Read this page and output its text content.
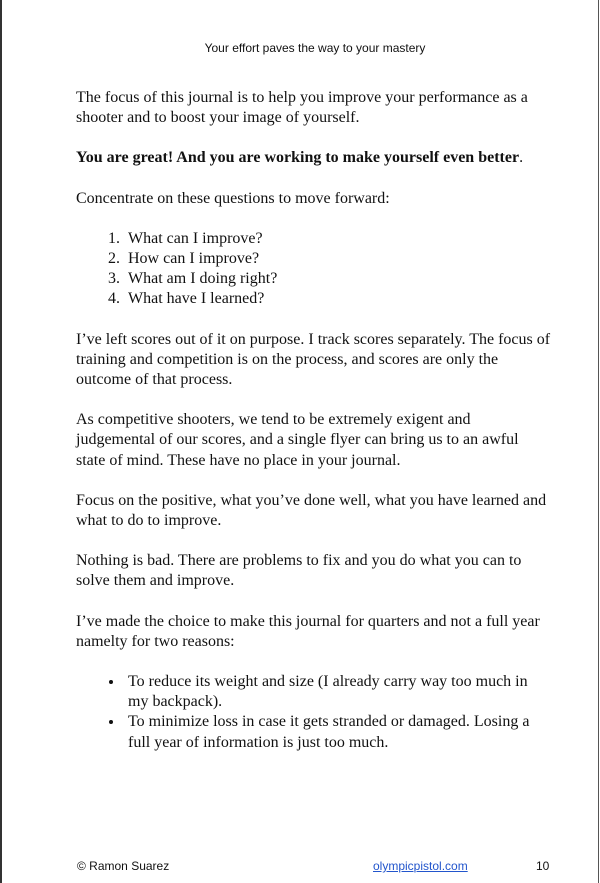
Your effort paves the way to your mastery

The focus of this journal is to help you improve your performance as a shooter and to boost your image of yourself.

You are great! And you are working to make yourself even better.

Concentrate on these questions to move forward:

1. What can I improve?
2. How can I improve?
3. What am I doing right?
4. What have I learned?

I’ve left scores out of it on purpose. I track scores separately. The focus of training and competition is on the process, and scores are only the outcome of that process.

As competitive shooters, we tend to be extremely exigent and judgemental of our scores, and a single flyer can bring us to an awful state of mind. These have no place in your journal.

Focus on the positive, what you’ve done well, what you have learned and what to do to improve.

Nothing is bad. There are problems to fix and you do what you can to solve them and improve.

I’ve made the choice to make this journal for quarters and not a full year namelty for two reasons:

• To reduce its weight and size (I already carry way too much in my backpack).
• To minimize loss in case it gets stranded or damaged. Losing a full year of information is just too much.
© Ramon Suarez	olympicpistol.com	10
